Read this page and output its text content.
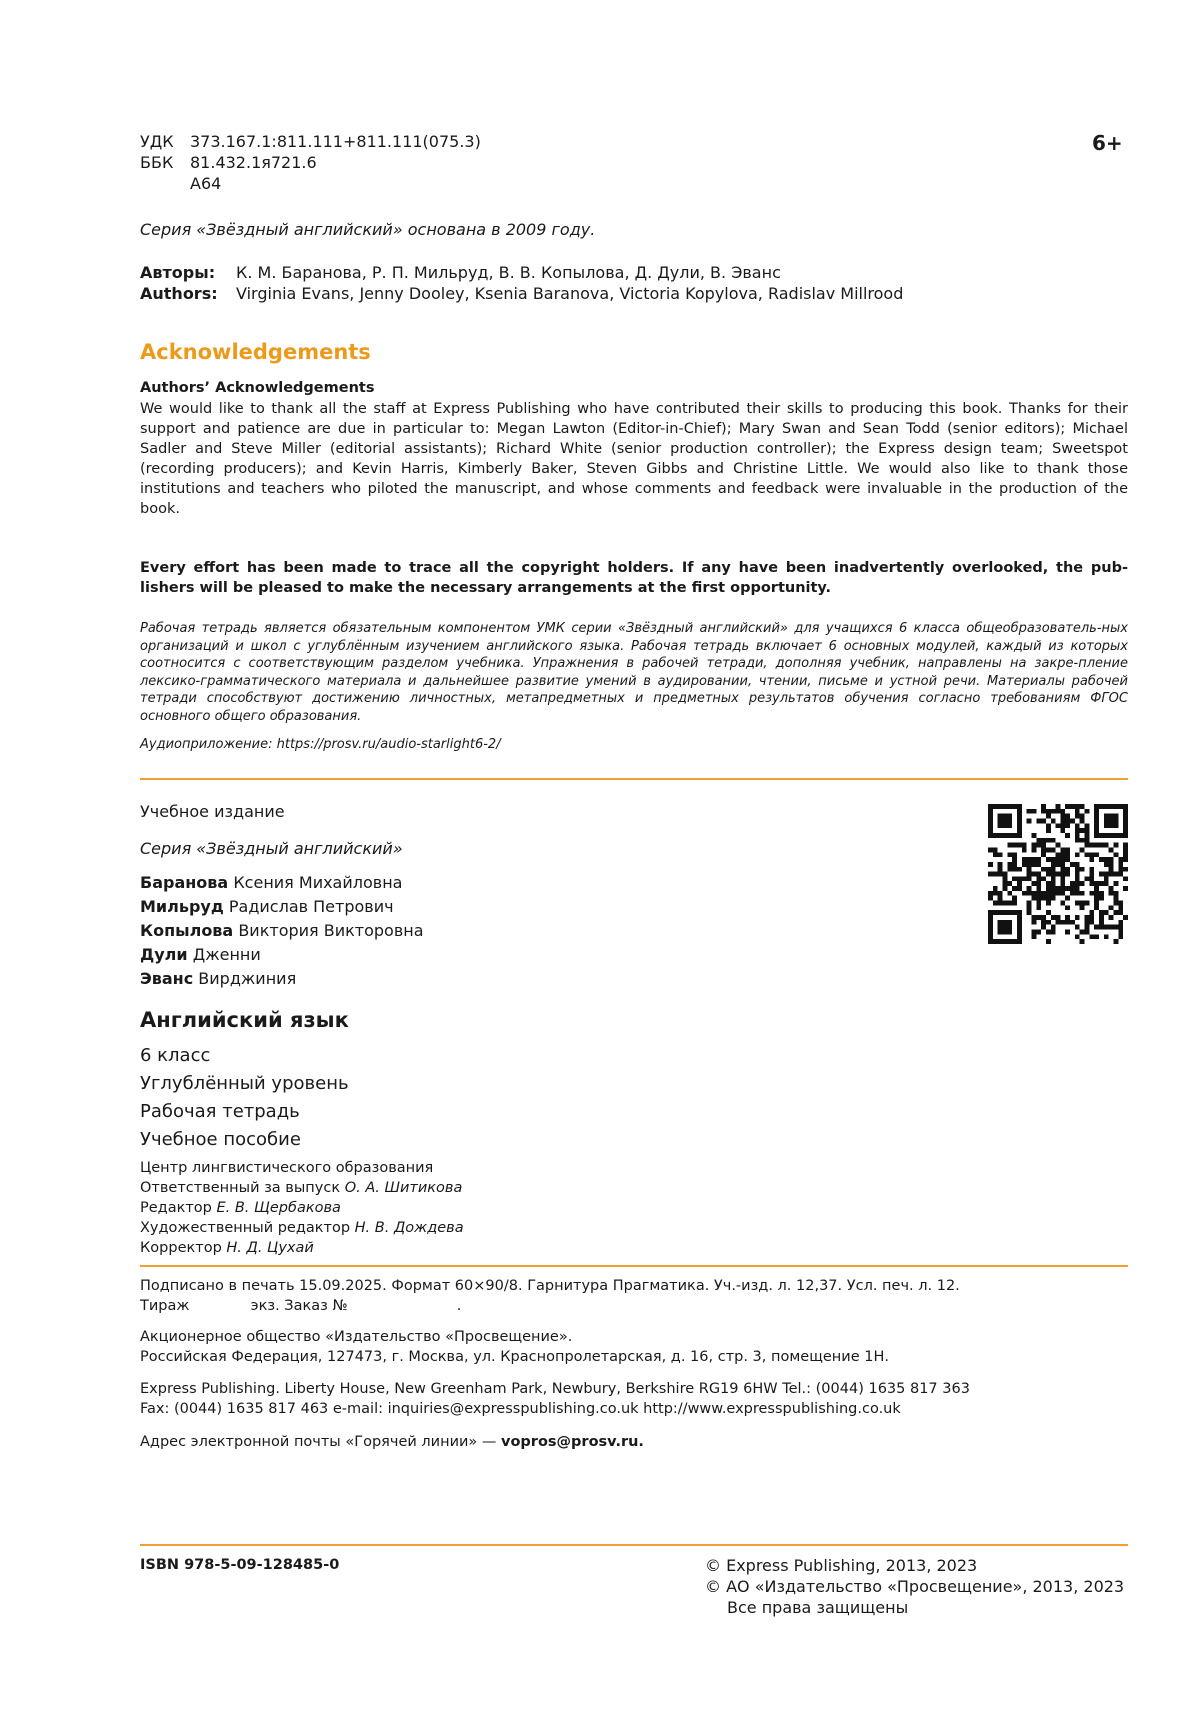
УДК	373.167.1:811.111+811.111(075.3)
ББК	81.432.1я721.6
А64
6+
Серия «Звёздный английский» основана в 2009 году.
Авторы:	К. М. Баранова, Р. П. Мильруд, В. В. Копылова, Д. Дули, В. Эванс
Authors:	Virginia Evans, Jenny Dooley, Ksenia Baranova, Victoria Kopylova, Radislav Millrood
Acknowledgements
Authors’ Acknowledgements
We would like to thank all the staff at Express Publishing who have contributed their skills to producing this book. Thanks for their support and patience are due in particular to: Megan Lawton (Editor-in-Chief); Mary Swan and Sean Todd (senior editors); Michael Sadler and Steve Miller (editorial assistants); Richard White (senior production controller); the Express design team; Sweetspot (recording producers); and Kevin Harris, Kimberly Baker, Steven Gibbs and Christine Little. We would also like to thank those institutions and teachers who piloted the manuscript, and whose comments and feedback were invaluable in the production of the book.
Every effort has been made to trace all the copyright holders. If any have been inadvertently overlooked, the pub-lishers will be pleased to make the necessary arrangements at the first opportunity.
Рабочая тетрадь является обязательным компонентом УМК серии «Звёздный английский» для учащихся 6 класса общеобразователь-ных организаций и школ с углублённым изучением английского языка. Рабочая тетрадь включает 6 основных модулей, каждый из которых соотносится с соответствующим разделом учебника. Упражнения в рабочей тетради, дополняя учебник, направлены на закре-пление лексико-грамматического материала и дальнейшее развитие умений в аудировании, чтении, письме и устной речи. Материалы рабочей тетради способствуют достижению личностных, метапредметных и предметных результатов обучения согласно требованиям ФГОС основного общего образования.
Аудиоприложение: https://prosv.ru/audio-starlight6-2/
Учебное издание
Серия «Звёздный английский»
Баранова Ксения Михайловна
Мильруд Радислав Петрович
Копылова Виктория Викторовна
Дули Дженни
Эванс Вирджиния
Английский язык
6 класс
Углублённый уровень
Рабочая тетрадь
Учебное пособие
Центр лингвистического образования
Ответственный за выпуск О. А. Шитикова
Редактор Е. В. Щербакова
Художественный редактор Н. В. Дождева
Корректор Н. Д. Цухай
Подписано в печать 15.09.2025. Формат 60×90/8. Гарнитура Прагматика. Уч.-изд. л. 12,37. Усл. печ. л. 12.
Тираж	экз. Заказ №	.
Акционерное общество «Издательство «Просвещение».
Российская Федерация, 127473, г. Москва, ул. Краснопролетарская, д. 16, стр. 3, помещение 1Н.
Express Publishing. Liberty House, New Greenham Park, Newbury, Berkshire RG19 6HW Tel.: (0044) 1635 817 363
Fax: (0044) 1635 817 463 e-mail: inquiries@expresspublishing.co.uk http://www.expresspublishing.co.uk
Адрес электронной почты «Горячей линии» — vopros@prosv.ru.
ISBN 978-5-09-128485-0	© Express Publishing, 2013, 2023
© АО «Издательство «Просвещение», 2013, 2023
Все права защищены
